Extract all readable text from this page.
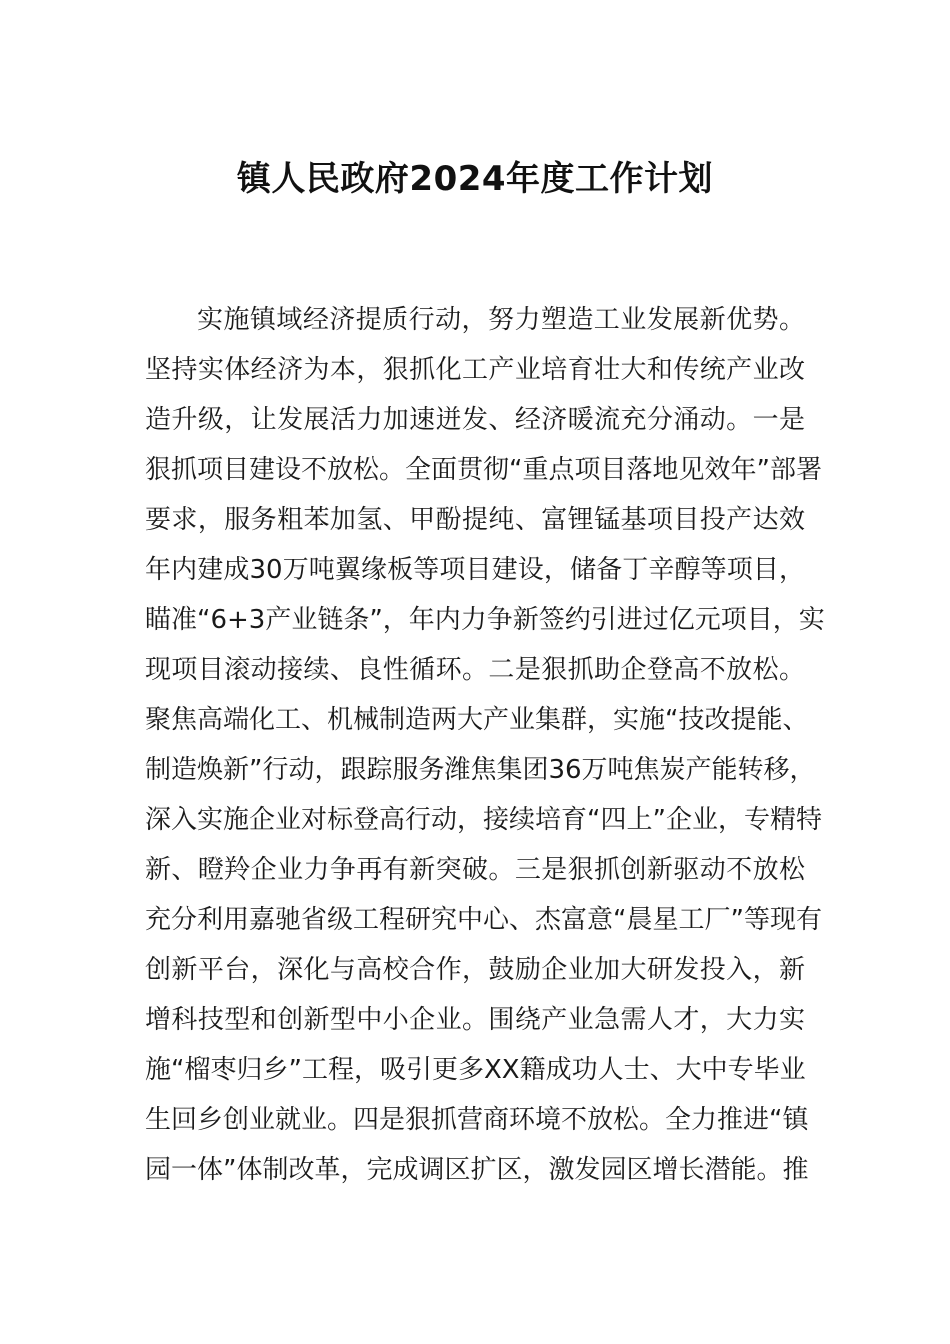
镇人民政府2024年度工作计划
实施镇域经济提质行动，努力塑造工业发展新优势。
坚持实体经济为本，狠抓化工产业培育壮大和传统产业改
造升级，让发展活力加速迸发、经济暖流充分涌动。一是
狠抓项目建设不放松。全面贯彻“重点项目落地见效年”部署
要求，服务粗苯加氢、甲酚提纯、富锂锰基项目投产达效
年内建成30万吨翼缘板等项目建设，储备丁辛醇等项目，
瞄准“6+3产业链条”，年内力争新签约引进过亿元项目，实
现项目滚动接续、良性循环。二是狠抓助企登高不放松。
聚焦高端化工、机械制造两大产业集群，实施“技改提能、
制造焕新”行动，跟踪服务潍焦集团36万吨焦炭产能转移，
深入实施企业对标登高行动，接续培育“四上”企业，专精特
新、瞪羚企业力争再有新突破。三是狠抓创新驱动不放松
充分利用嘉驰省级工程研究中心、杰富意“晨星工厂”等现有
创新平台，深化与高校合作，鼓励企业加大研发投入，新
增科技型和创新型中小企业。围绕产业急需人才，大力实
施“榴枣归乡”工程，吸引更多XX籍成功人士、大中专毕业
生回乡创业就业。四是狠抓营商环境不放松。全力推进“镇
园一体”体制改革，完成调区扩区，激发园区增长潜能。推
